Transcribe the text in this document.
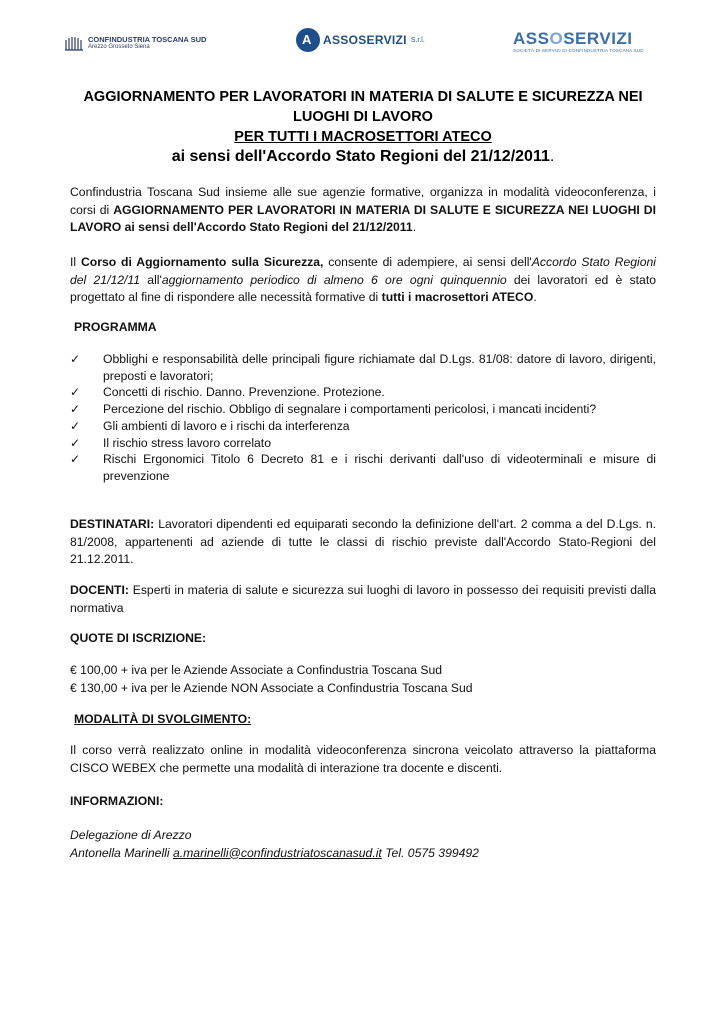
CONFINDUSTRIA TOSCANA SUD
Arezzo Grosseto Siena
A	ASSOSERVIZI S.r.l.	ASSOSERVIZI
SOCIETÀ DI SERVIZI DI CONFINDUSTRIA TOSCANA SUD
AGGIORNAMENTO PER LAVORATORI IN MATERIA DI SALUTE E SICUREZZA NEI
LUOGHI DI LAVORO
PER TUTTI I MACROSETTORI ATECO
ai sensi dell'Accordo Stato Regioni del 21/12/2011.
Confindustria Toscana Sud insieme alle sue agenzie formative, organizza in modalità videoconferenza, i corsi di AGGIORNAMENTO PER LAVORATORI IN MATERIA DI SALUTE E SICUREZZA NEI LUOGHI DI LAVORO ai sensi dell'Accordo Stato Regioni del 21/12/2011.
Il Corso di Aggiornamento sulla Sicurezza, consente di adempiere, ai sensi dell'Accordo Stato Regioni del 21/12/11 all'aggiornamento periodico di almeno 6 ore ogni quinquennio dei lavoratori ed è stato progettato al fine di rispondere alle necessità formative di tutti i macrosettori ATECO.
PROGRAMMA
✓ Obblighi e responsabilità delle principali figure richiamate dal D.Lgs. 81/08: datore di lavoro, dirigenti, preposti e lavoratori;
✓ Concetti di rischio. Danno. Prevenzione. Protezione.
✓ Percezione del rischio. Obbligo di segnalare i comportamenti pericolosi, i mancati incidenti?
✓ Gli ambienti di lavoro e i rischi da interferenza
✓ Il rischio stress lavoro correlato
✓ Rischi Ergonomici Titolo 6 Decreto 81 e i rischi derivanti dall'uso di videoterminali e misure di prevenzione
DESTINATARI: Lavoratori dipendenti ed equiparati secondo la definizione dell'art. 2 comma a del D.Lgs. n. 81/2008, appartenenti ad aziende di tutte le classi di rischio previste dall'Accordo Stato-Regioni del 21.12.2011.
DOCENTI: Esperti in materia di salute e sicurezza sui luoghi di lavoro in possesso dei requisiti previsti dalla normativa
QUOTE DI ISCRIZIONE:
€ 100,00 + iva per le Aziende Associate a Confindustria Toscana Sud
€ 130,00 + iva per le Aziende NON Associate a Confindustria Toscana Sud
MODALITÀ DI SVOLGIMENTO:
Il corso verrà realizzato online in modalità videoconferenza sincrona veicolato attraverso la piattaforma CISCO WEBEX che permette una modalità di interazione tra docente e discenti.
INFORMAZIONI:
Delegazione di Arezzo
Antonella Marinelli a.marinelli@confindustriatoscanasud.it Tel. 0575 399492
